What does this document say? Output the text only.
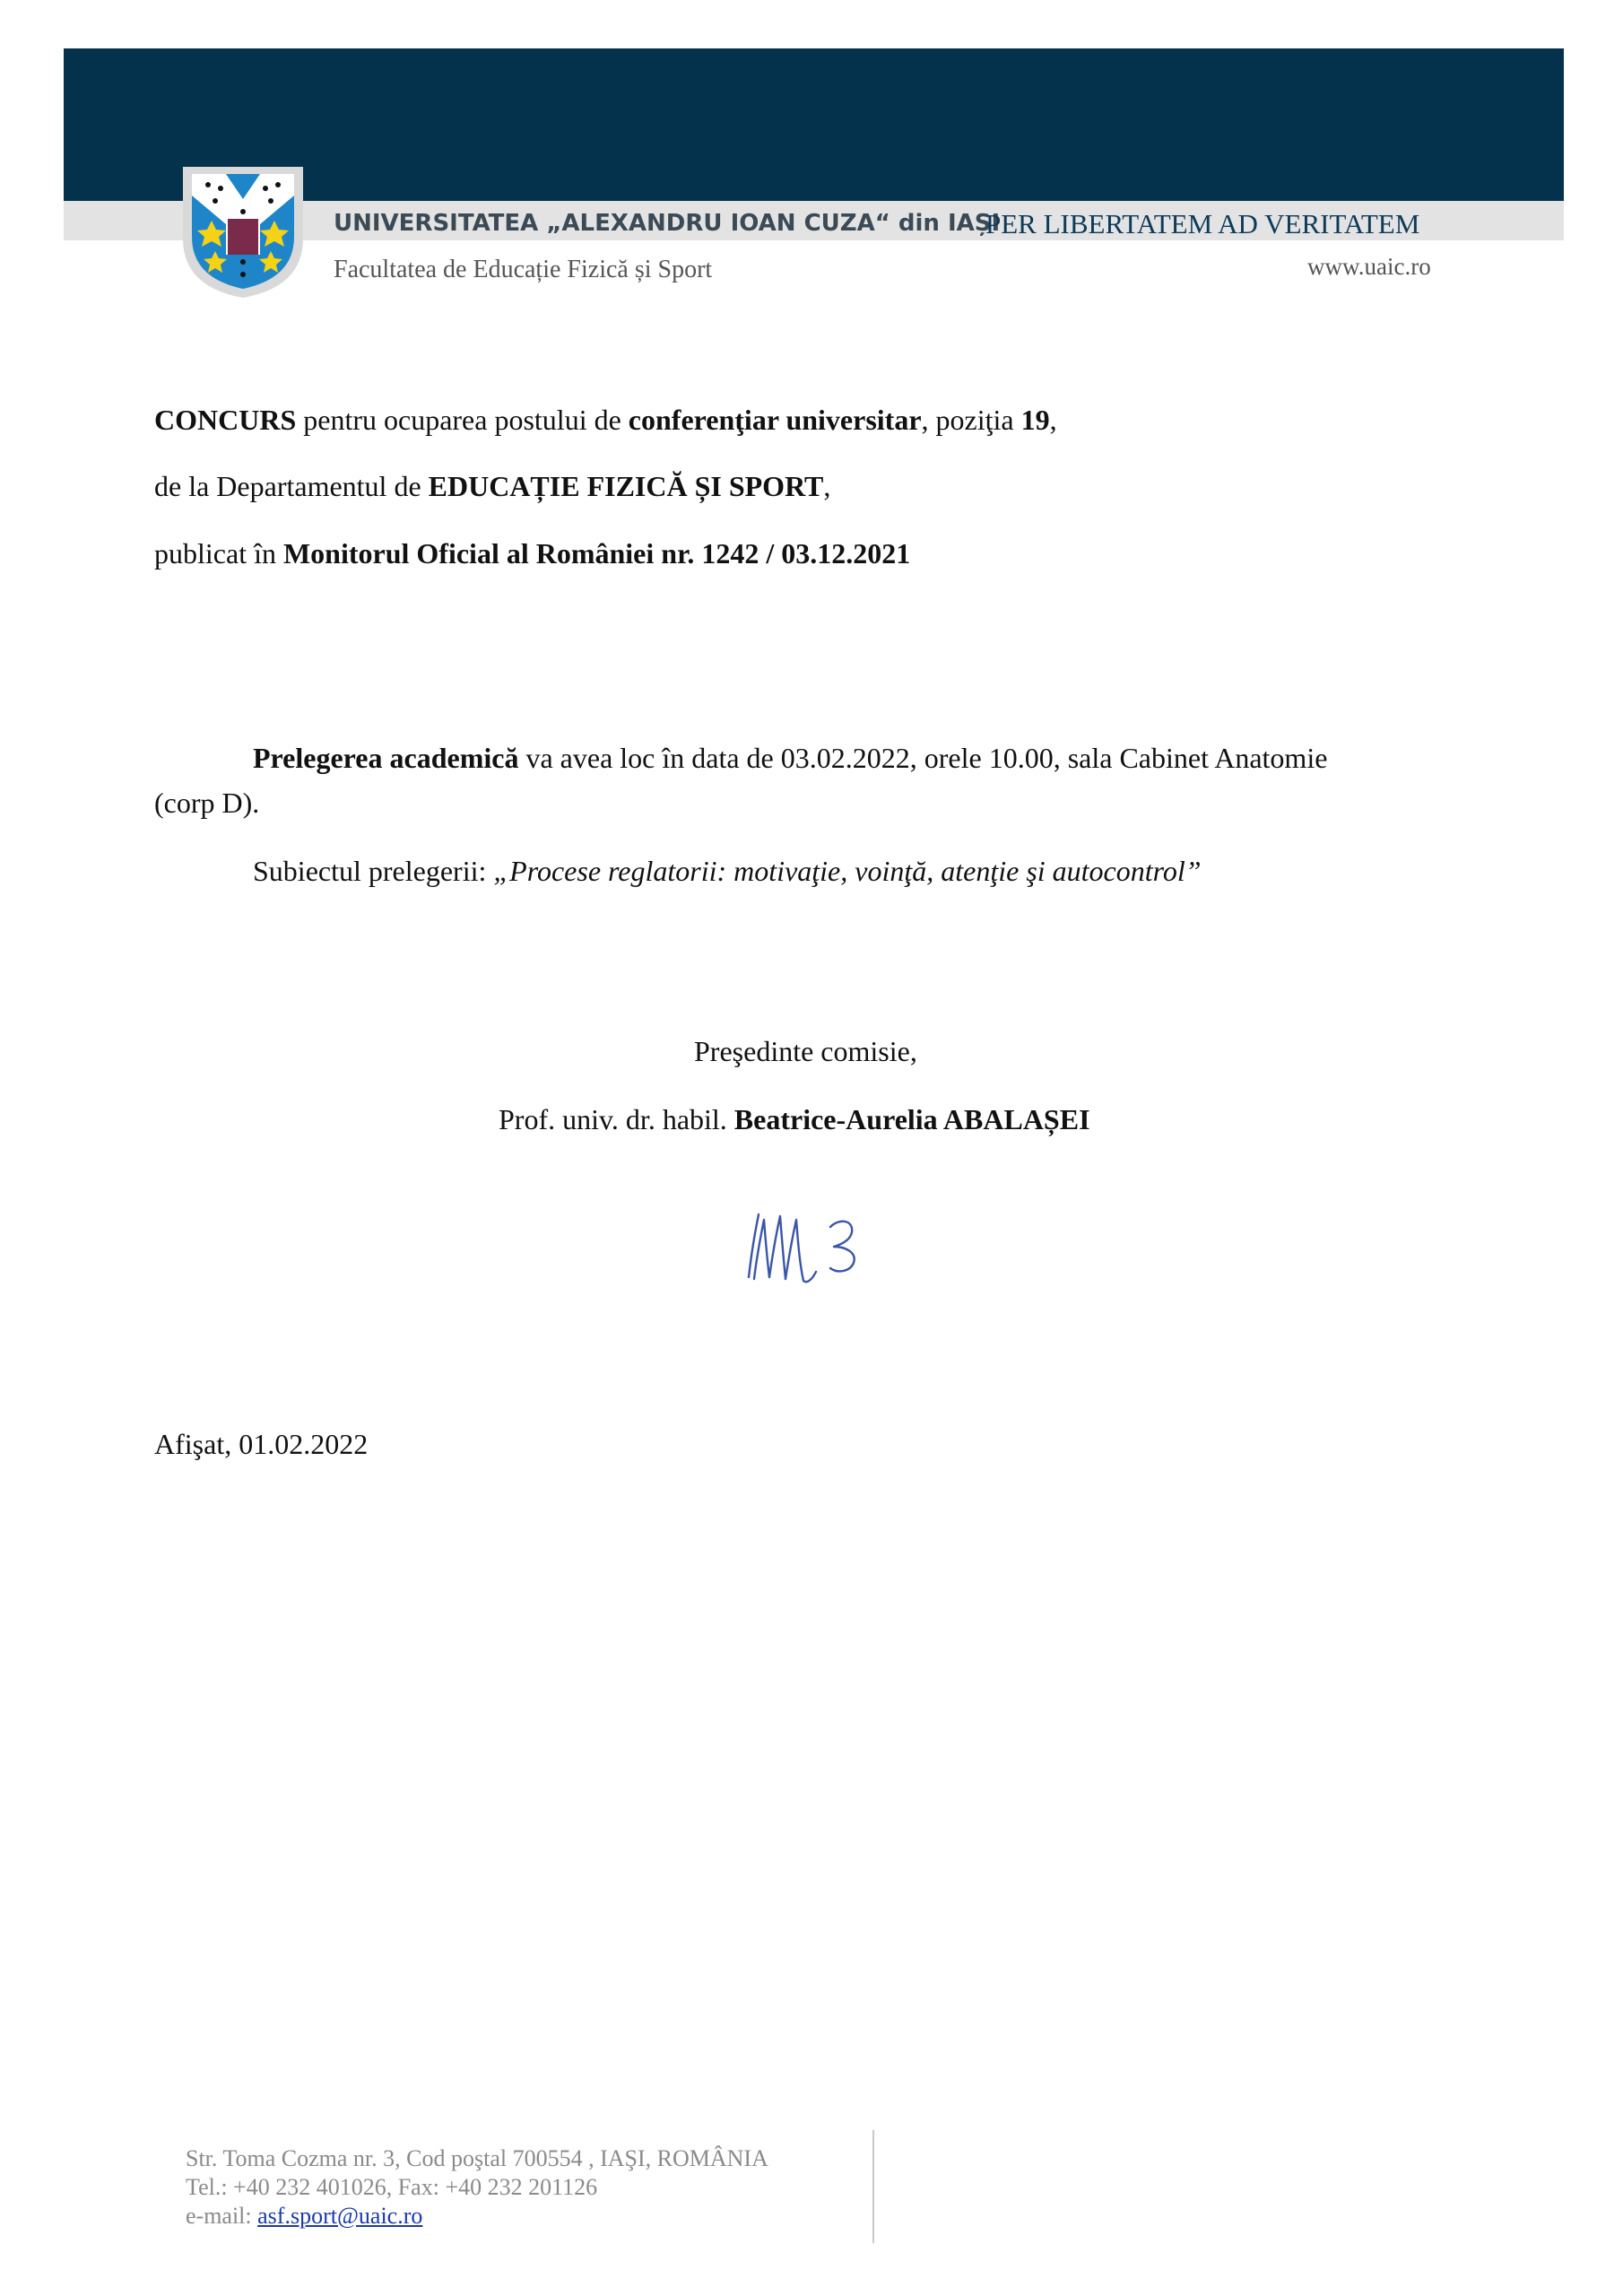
UNIVERSITATEA „ALEXANDRU IOAN CUZA“ din IAȘI
PER LIBERTATEM AD VERITATEM
Facultatea de Educație Fizică și Sport	www.uaic.ro
CONCURS pentru ocuparea postului de conferenţiar universitar, poziţia 19,
de la Departamentul de EDUCAȚIE FIZICĂ ȘI SPORT,
publicat în Monitorul Oficial al României nr. 1242 / 03.12.2021
Prelegerea academică va avea loc în data de 03.02.2022, orele 10.00, sala Cabinet Anatomie
(corp D).
Subiectul prelegerii: „Procese reglatorii: motivaţie, voinţă, atenţie şi autocontrol”
Preşedinte comisie,
Prof. univ. dr. habil. Beatrice-Aurelia ABALAȘEI
Afişat, 01.02.2022
Str. Toma Cozma nr. 3, Cod poştal 700554 , IAŞI, ROMÂNIA
Tel.: +40 232 401026, Fax: +40 232 201126
e-mail: asf.sport@uaic.ro
